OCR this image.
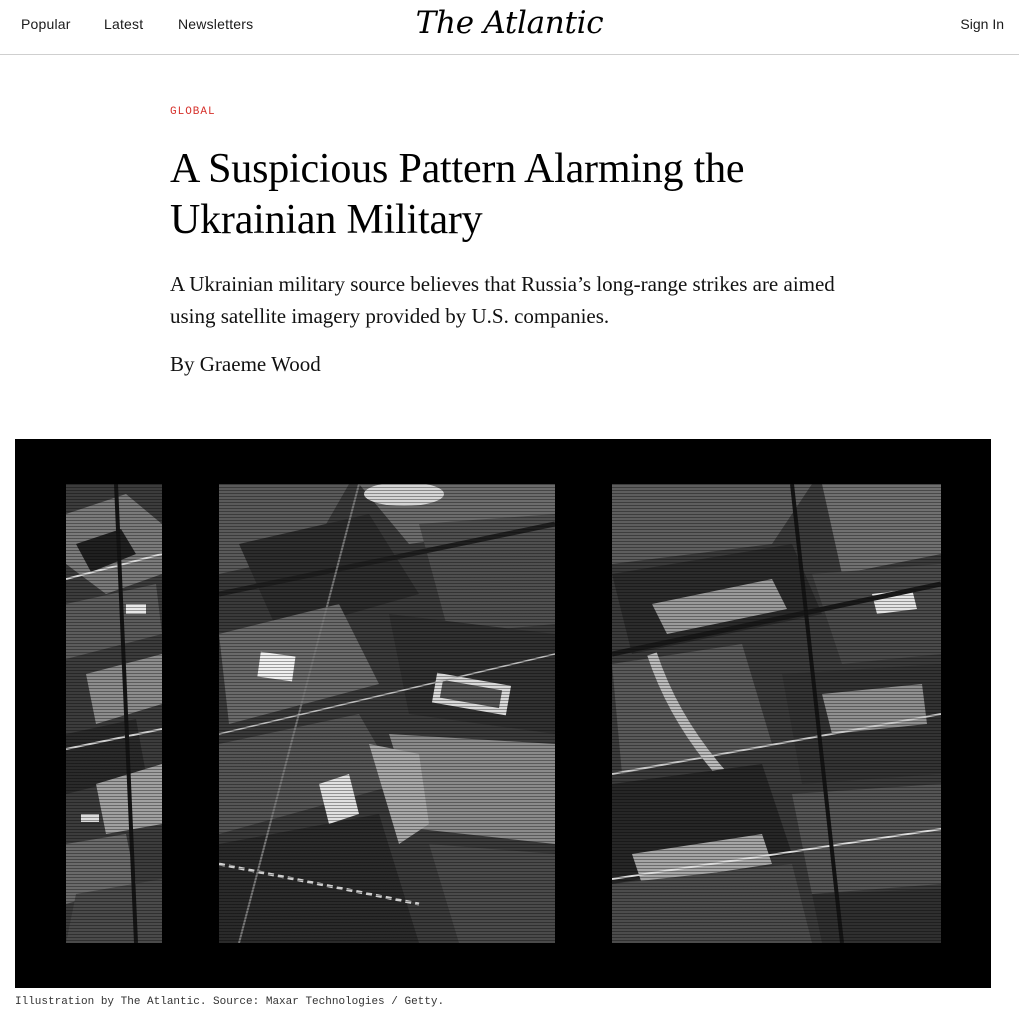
Popular Latest Newsletters	The Atlantic	Sign In
GLOBAL
A Suspicious Pattern Alarming the Ukrainian Military

A Ukrainian military source believes that Russia’s long-range strikes are aimed using satellite imagery provided by U.S. companies.

By Graeme Wood
Illustration by The Atlantic. Source: Maxar Technologies / Getty.
